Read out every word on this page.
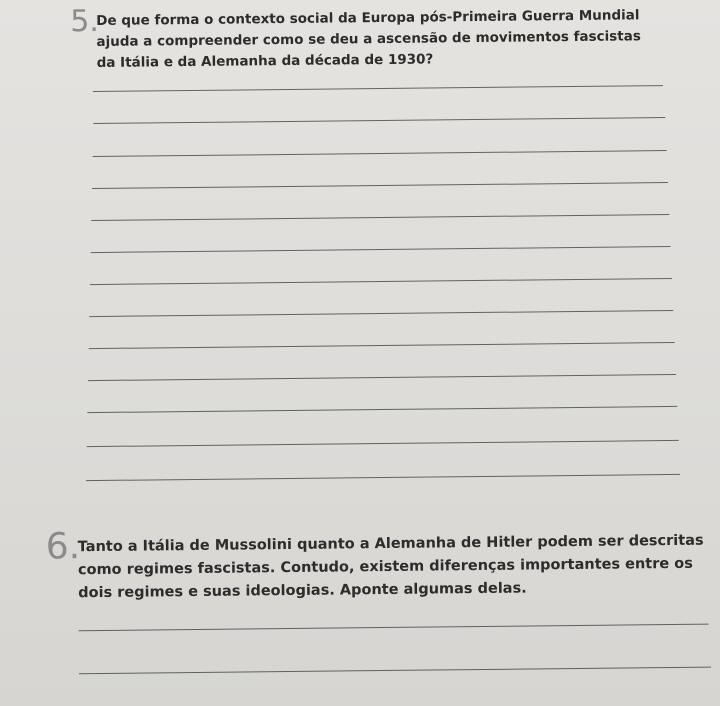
5.
De que forma o contexto social da Europa pós-Primeira Guerra Mundial ajuda a compreender como se deu a ascensão de movimentos fascistas da Itália e da Alemanha da década de 1930?
6.
Tanto a Itália de Mussolini quanto a Alemanha de Hitler podem ser descritas como regimes fascistas. Contudo, existem diferenças importantes entre os dois regimes e suas ideologias. Aponte algumas delas.
